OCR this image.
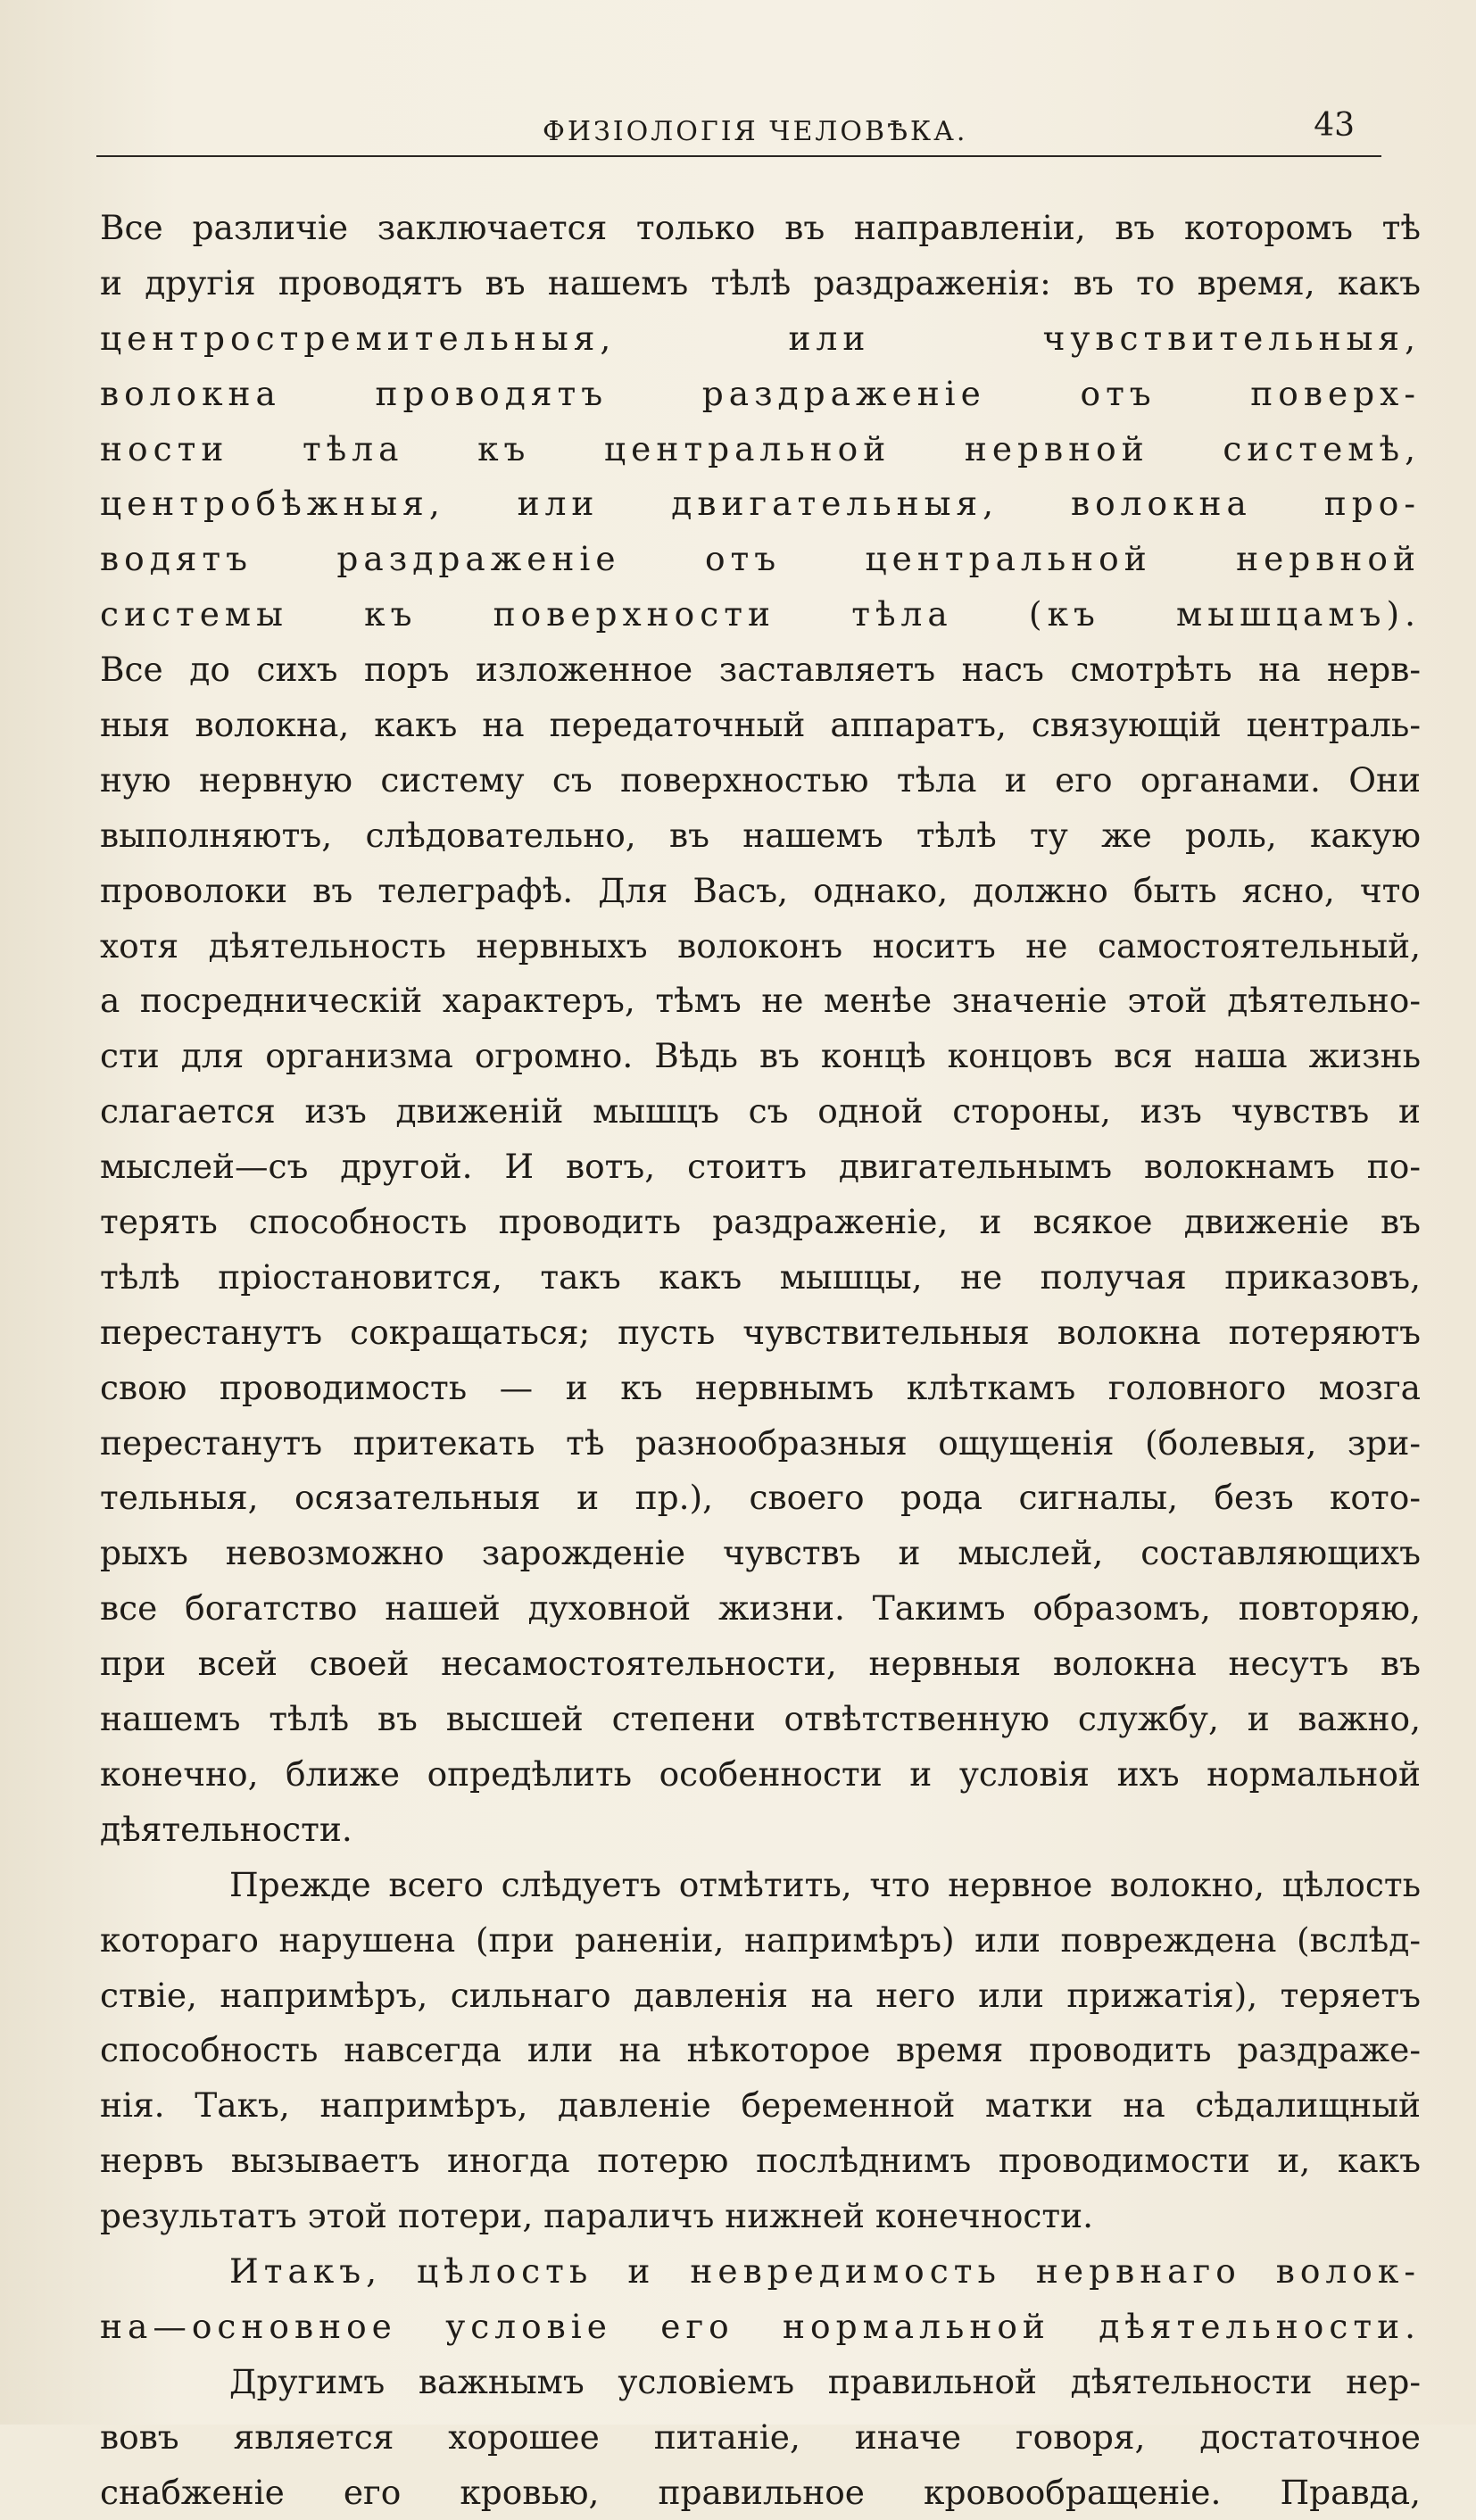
ФИЗІОЛОГІЯ ЧЕЛОВѢКА.	43
Все различіе заключается только въ направленіи, въ которомъ тѣ
и другія проводятъ въ нашемъ тѣлѣ раздраженія: въ то время, какъ
центростремительныя, или чувствительныя,
волокна проводятъ раздраженіе отъ поверх-
ности тѣла къ центральной нервной системѣ,
центробѣжныя, или двигательныя, волокна про-
водятъ раздраженіе отъ центральной нервной
системы къ поверхности тѣла (къ мышцамъ).
Все до сихъ поръ изложенное заставляетъ насъ смотрѣть на нерв-
ныя волокна, какъ на передаточный аппаратъ, связующій централь-
ную нервную систему съ поверхностью тѣла и его органами. Они
выполняютъ, слѣдовательно, въ нашемъ тѣлѣ ту же роль, какую
проволоки въ телеграфѣ. Для Васъ, однако, должно быть ясно, что
хотя дѣятельность нервныхъ волоконъ носитъ не самостоятельный,
а посредническій характеръ, тѣмъ не менѣе значеніе этой дѣятельно-
сти для организма огромно. Вѣдь въ концѣ концовъ вся наша жизнь
слагается изъ движеній мышцъ съ одной стороны, изъ чувствъ и
мыслей—съ другой. И вотъ, стоитъ двигательнымъ волокнамъ по-
терять способность проводить раздраженіе, и всякое движеніе въ
тѣлѣ пріостановится, такъ какъ мышцы, не получая приказовъ,
перестанутъ сокращаться; пусть чувствительныя волокна потеряютъ
свою проводимость — и къ нервнымъ клѣткамъ головного мозга
перестанутъ притекать тѣ разнообразныя ощущенія (болевыя, зри-
тельныя, осязательныя и пр.), своего рода сигналы, безъ кото-
рыхъ невозможно зарожденіе чувствъ и мыслей, составляющихъ
все богатство нашей духовной жизни. Такимъ образомъ, повторяю,
при всей своей несамостоятельности, нервныя волокна несутъ въ
нашемъ тѣлѣ въ высшей степени отвѣтственную службу, и важно,
конечно, ближе опредѣлить особенности и условія ихъ нормальной
дѣятельности.
Прежде всего слѣдуетъ отмѣтить, что нервное волокно, цѣлость
котораго нарушена (при раненіи, напримѣръ) или повреждена (вслѣд-
ствіе, напримѣръ, сильнаго давленія на него или прижатія), теряетъ
способность навсегда или на нѣкоторое время проводить раздраже-
нія. Такъ, напримѣръ, давленіе беременной матки на сѣдалищный
нервъ вызываетъ иногда потерю послѣднимъ проводимости и, какъ
результатъ этой потери, параличъ нижней конечности.
Итакъ, цѣлость и невредимость нервнаго волок-
на—основное условіе его нормальной дѣятельности.
Другимъ важнымъ условіемъ правильной дѣятельности нер-
вовъ является хорошее питаніе, иначе говоря, достаточное
снабженіе его кровью, правильное кровообращеніе. Правда,
